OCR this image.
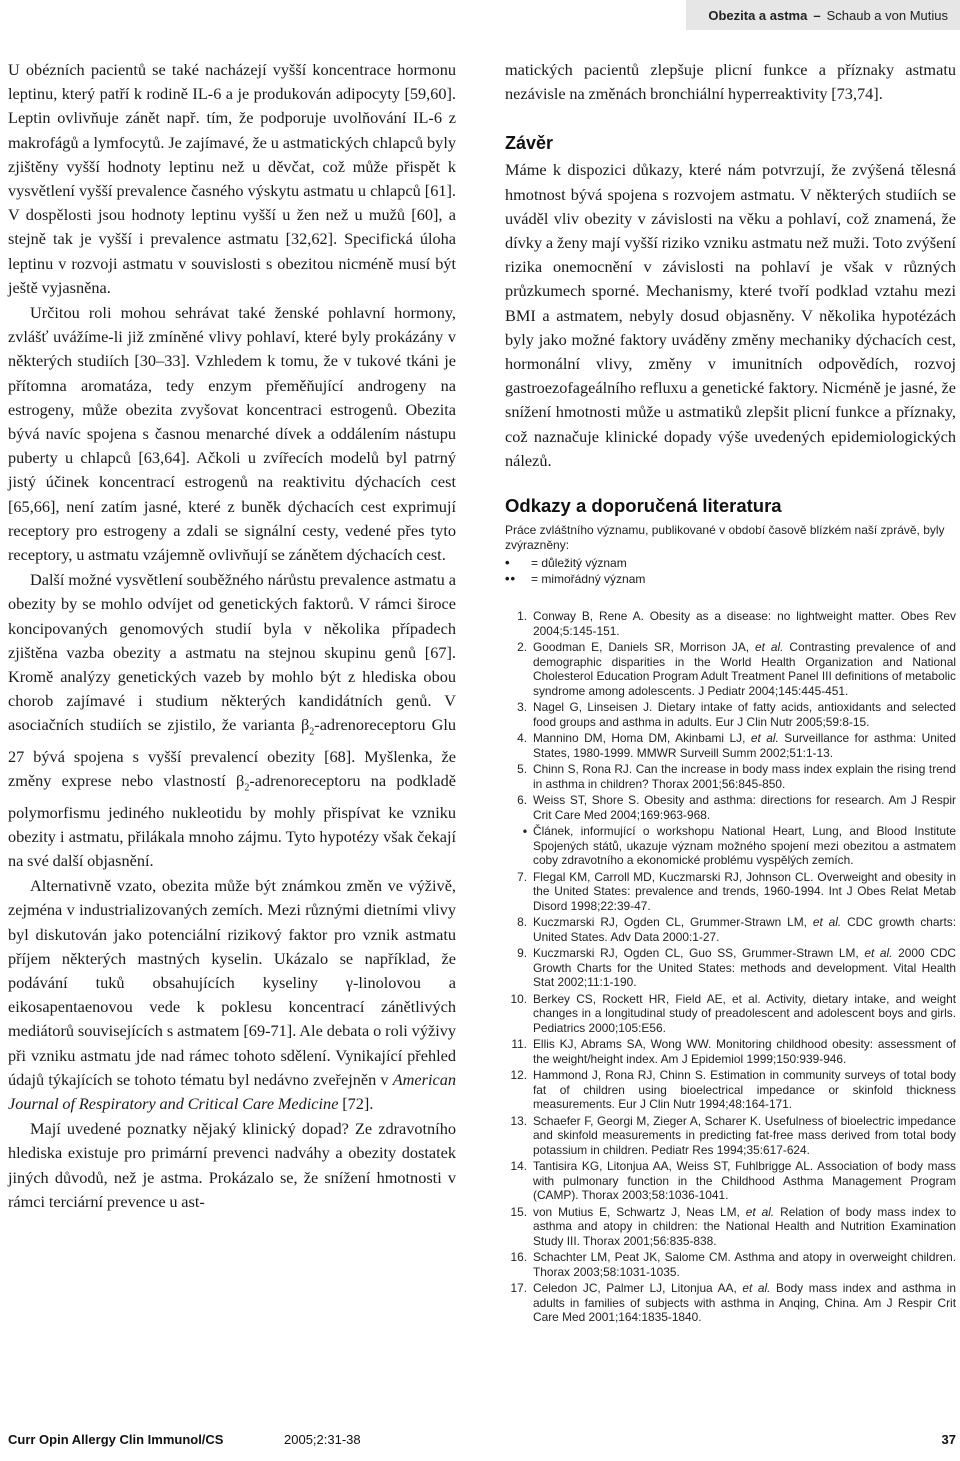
Obezita a astma – Schaub a von Mutius

U obézních pacientů se také nacházejí vyšší koncentrace hormonu leptinu, který patří k rodině IL-6 a je produkován adipocyty [59,60]. Leptin ovlivňuje zánět např. tím, že podporuje uvolňování IL-6 z makrofágů a lymfocytů. Je zajímavé, že u astmatických chlapců byly zjištěny vyšší hodnoty leptinu než u děvčat, což může přispět k vysvětlení vyšší prevalence časného výskytu astmatu u chlapců [61]. V dospělosti jsou hodnoty leptinu vyšší u žen než u mužů [60], a stejně tak je vyšší i prevalence astmatu [32,62]. Specifická úloha leptinu v rozvoji astmatu v souvislosti s obezitou nicméně musí být ještě vyjasněna.

Určitou roli mohou sehrávat také ženské pohlavní hormony, zvlášť uvážíme-li již zmíněné vlivy pohlaví, které byly prokázány v některých studiích [30–33]. Vzhledem k tomu, že v tukové tkáni je přítomna aromatáza, tedy enzym přeměňující androgeny na estrogeny, může obezita zvyšovat koncentraci estrogenů. Obezita bývá navíc spojena s časnou menarché dívek a oddálením nástupu puberty u chlapců [63,64]. Ačkoli u zvířecích modelů byl patrný jistý účinek koncentrací estrogenů na reaktivitu dýchacích cest [65,66], není zatím jasné, které z buněk dýchacích cest exprimují receptory pro estrogeny a zdali se signální cesty, vedené přes tyto receptory, u astmatu vzájemně ovlivňují se zánětem dýchacích cest.

Další možné vysvětlení souběžného nárůstu prevalence astmatu a obezity by se mohlo odvíjet od genetických faktorů. V rámci široce koncipovaných genomových studií byla v několika případech zjištěna vazba obezity a astmatu na stejnou skupinu genů [67]. Kromě analýzy genetických vazeb by mohlo být z hlediska obou chorob zajímavé i studium některých kandidátních genů. V asociačních studiích se zjistilo, že varianta $\beta_2$-adrenoreceptoru Glu 27 bývá spojena s vyšší prevalencí obezity [68]. Myšlenka, že změny exprese nebo vlastností $\beta_2$-adrenoreceptoru na podkladě polymorfismu jediného nukleotidu by mohly přispívat ke vzniku obezity i astmatu, přilákala mnoho zájmu. Tyto hypotézy však čekají na své další objasnění.

Alternativně vzato, obezita může být známkou změn ve výživě, zejména v industrializovaných zemích. Mezi různými dietními vlivy byl diskutován jako potenciální rizikový faktor pro vznik astmatu příjem některých mastných kyselin. Ukázalo se například, že podávání tuků obsahujících kyseliny γ-linolovou a eikosapentaenovou vede k poklesu koncentrací zánětlivých mediátorů souvisejících s astmatem [69-71]. Ale debata o roli výživy při vzniku astmatu jde nad rámec tohoto sdělení. Vynikající přehled údajů týkajících se tohoto tématu byl nedávno zveřejněn v American Journal of Respiratory and Critical Care Medicine [72].

Mají uvedené poznatky nějaký klinický dopad? Ze zdravotního hlediska existuje pro primární prevenci nadváhy a obezity dostatek jiných důvodů, než je astma. Prokázalo se, že snížení hmotnosti v rámci terciární prevence u ast-

matických pacientů zlepšuje plicní funkce a příznaky astmatu nezávisle na změnách bronchiální hyperreaktivity [73,74].

Závěr

Máme k dispozici důkazy, které nám potvrzují, že zvýšená tělesná hmotnost bývá spojena s rozvojem astmatu. V některých studiích se uváděl vliv obezity v závislosti na věku a pohlaví, což znamená, že dívky a ženy mají vyšší riziko vzniku astmatu než muži. Toto zvýšení rizika onemocnění v závislosti na pohlaví je však v různých průzkumech sporné. Mechanismy, které tvoří podklad vztahu mezi BMI a astmatem, nebyly dosud objasněny. V několika hypotézách byly jako možné faktory uváděny změny mechaniky dýchacích cest, hormonální vlivy, změny v imunitních odpovědích, rozvoj gastroezofageálního refluxu a genetické faktory. Nicméně je jasné, že snížení hmotnosti může u astmatiků zlepšit plicní funkce a příznaky, což naznačuje klinické dopady výše uvedených epidemiologických nálezů.

Odkazy a doporučená literatura

Práce zvláštního významu, publikované v období časově blízkém naší zprávě, byly zvýrazněny:

•	= důležitý význam
••	= mimořádný význam
1. Conway B, Rene A. Obesity as a disease: no lightweight matter. Obes Rev 2004;5:145-151.
2. Goodman E, Daniels SR, Morrison JA, et al. Contrasting prevalence of and demographic disparities in the World Health Organization and National Cholesterol Education Program Adult Treatment Panel III definitions of metabolic syndrome among adolescents. J Pediatr 2004;145:445-451.
3. Nagel G, Linseisen J. Dietary intake of fatty acids, antioxidants and selected food groups and asthma in adults. Eur J Clin Nutr 2005;59:8-15.
4. Mannino DM, Homa DM, Akinbami LJ, et al. Surveillance for asthma: United States, 1980-1999. MMWR Surveill Summ 2002;51:1-13.
5. Chinn S, Rona RJ. Can the increase in body mass index explain the rising trend in asthma in children? Thorax 2001;56:845-850.
6. Weiss ST, Shore S. Obesity and asthma: directions for research. Am J Respir Crit Care Med 2004;169:963-968.
• Článek, informující o workshopu National Heart, Lung, and Blood Institute Spojených států, ukazuje význam možného spojení mezi obezitou a astmatem coby zdravotního a ekonomické problému vyspělých zemích.
7. Flegal KM, Carroll MD, Kuczmarski RJ, Johnson CL. Overweight and obesity in the United States: prevalence and trends, 1960-1994. Int J Obes Relat Metab Disord 1998;22:39-47.
8. Kuczmarski RJ, Ogden CL, Grummer-Strawn LM, et al. CDC growth charts: United States. Adv Data 2000:1-27.
9. Kuczmarski RJ, Ogden CL, Guo SS, Grummer-Strawn LM, et al. 2000 CDC Growth Charts for the United States: methods and development. Vital Health Stat 2002;11:1-190.
10. Berkey CS, Rockett HR, Field AE, et al. Activity, dietary intake, and weight changes in a longitudinal study of preadolescent and adolescent boys and girls. Pediatrics 2000;105:E56.
11. Ellis KJ, Abrams SA, Wong WW. Monitoring childhood obesity: assessment of the weight/height index. Am J Epidemiol 1999;150:939-946.
12. Hammond J, Rona RJ, Chinn S. Estimation in community surveys of total body fat of children using bioelectrical impedance or skinfold thickness measurements. Eur J Clin Nutr 1994;48:164-171.
13. Schaefer F, Georgi M, Zieger A, Scharer K. Usefulness of bioelectric impedance and skinfold measurements in predicting fat-free mass derived from total body potassium in children. Pediatr Res 1994;35:617-624.
14. Tantisira KG, Litonjua AA, Weiss ST, Fuhlbrigge AL. Association of body mass with pulmonary function in the Childhood Asthma Management Program (CAMP). Thorax 2003;58:1036-1041.
15. von Mutius E, Schwartz J, Neas LM, et al. Relation of body mass index to asthma and atopy in children: the National Health and Nutrition Examination Study III. Thorax 2001;56:835-838.
16. Schachter LM, Peat JK, Salome CM. Asthma and atopy in overweight children. Thorax 2003;58:1031-1035.
17. Celedon JC, Palmer LJ, Litonjua AA, et al. Body mass index and asthma in adults in families of subjects with asthma in Anqing, China. Am J Respir Crit Care Med 2001;164:1835-1840.
Curr Opin Allergy Clin Immunol/CS	2005;2:31-38	37
